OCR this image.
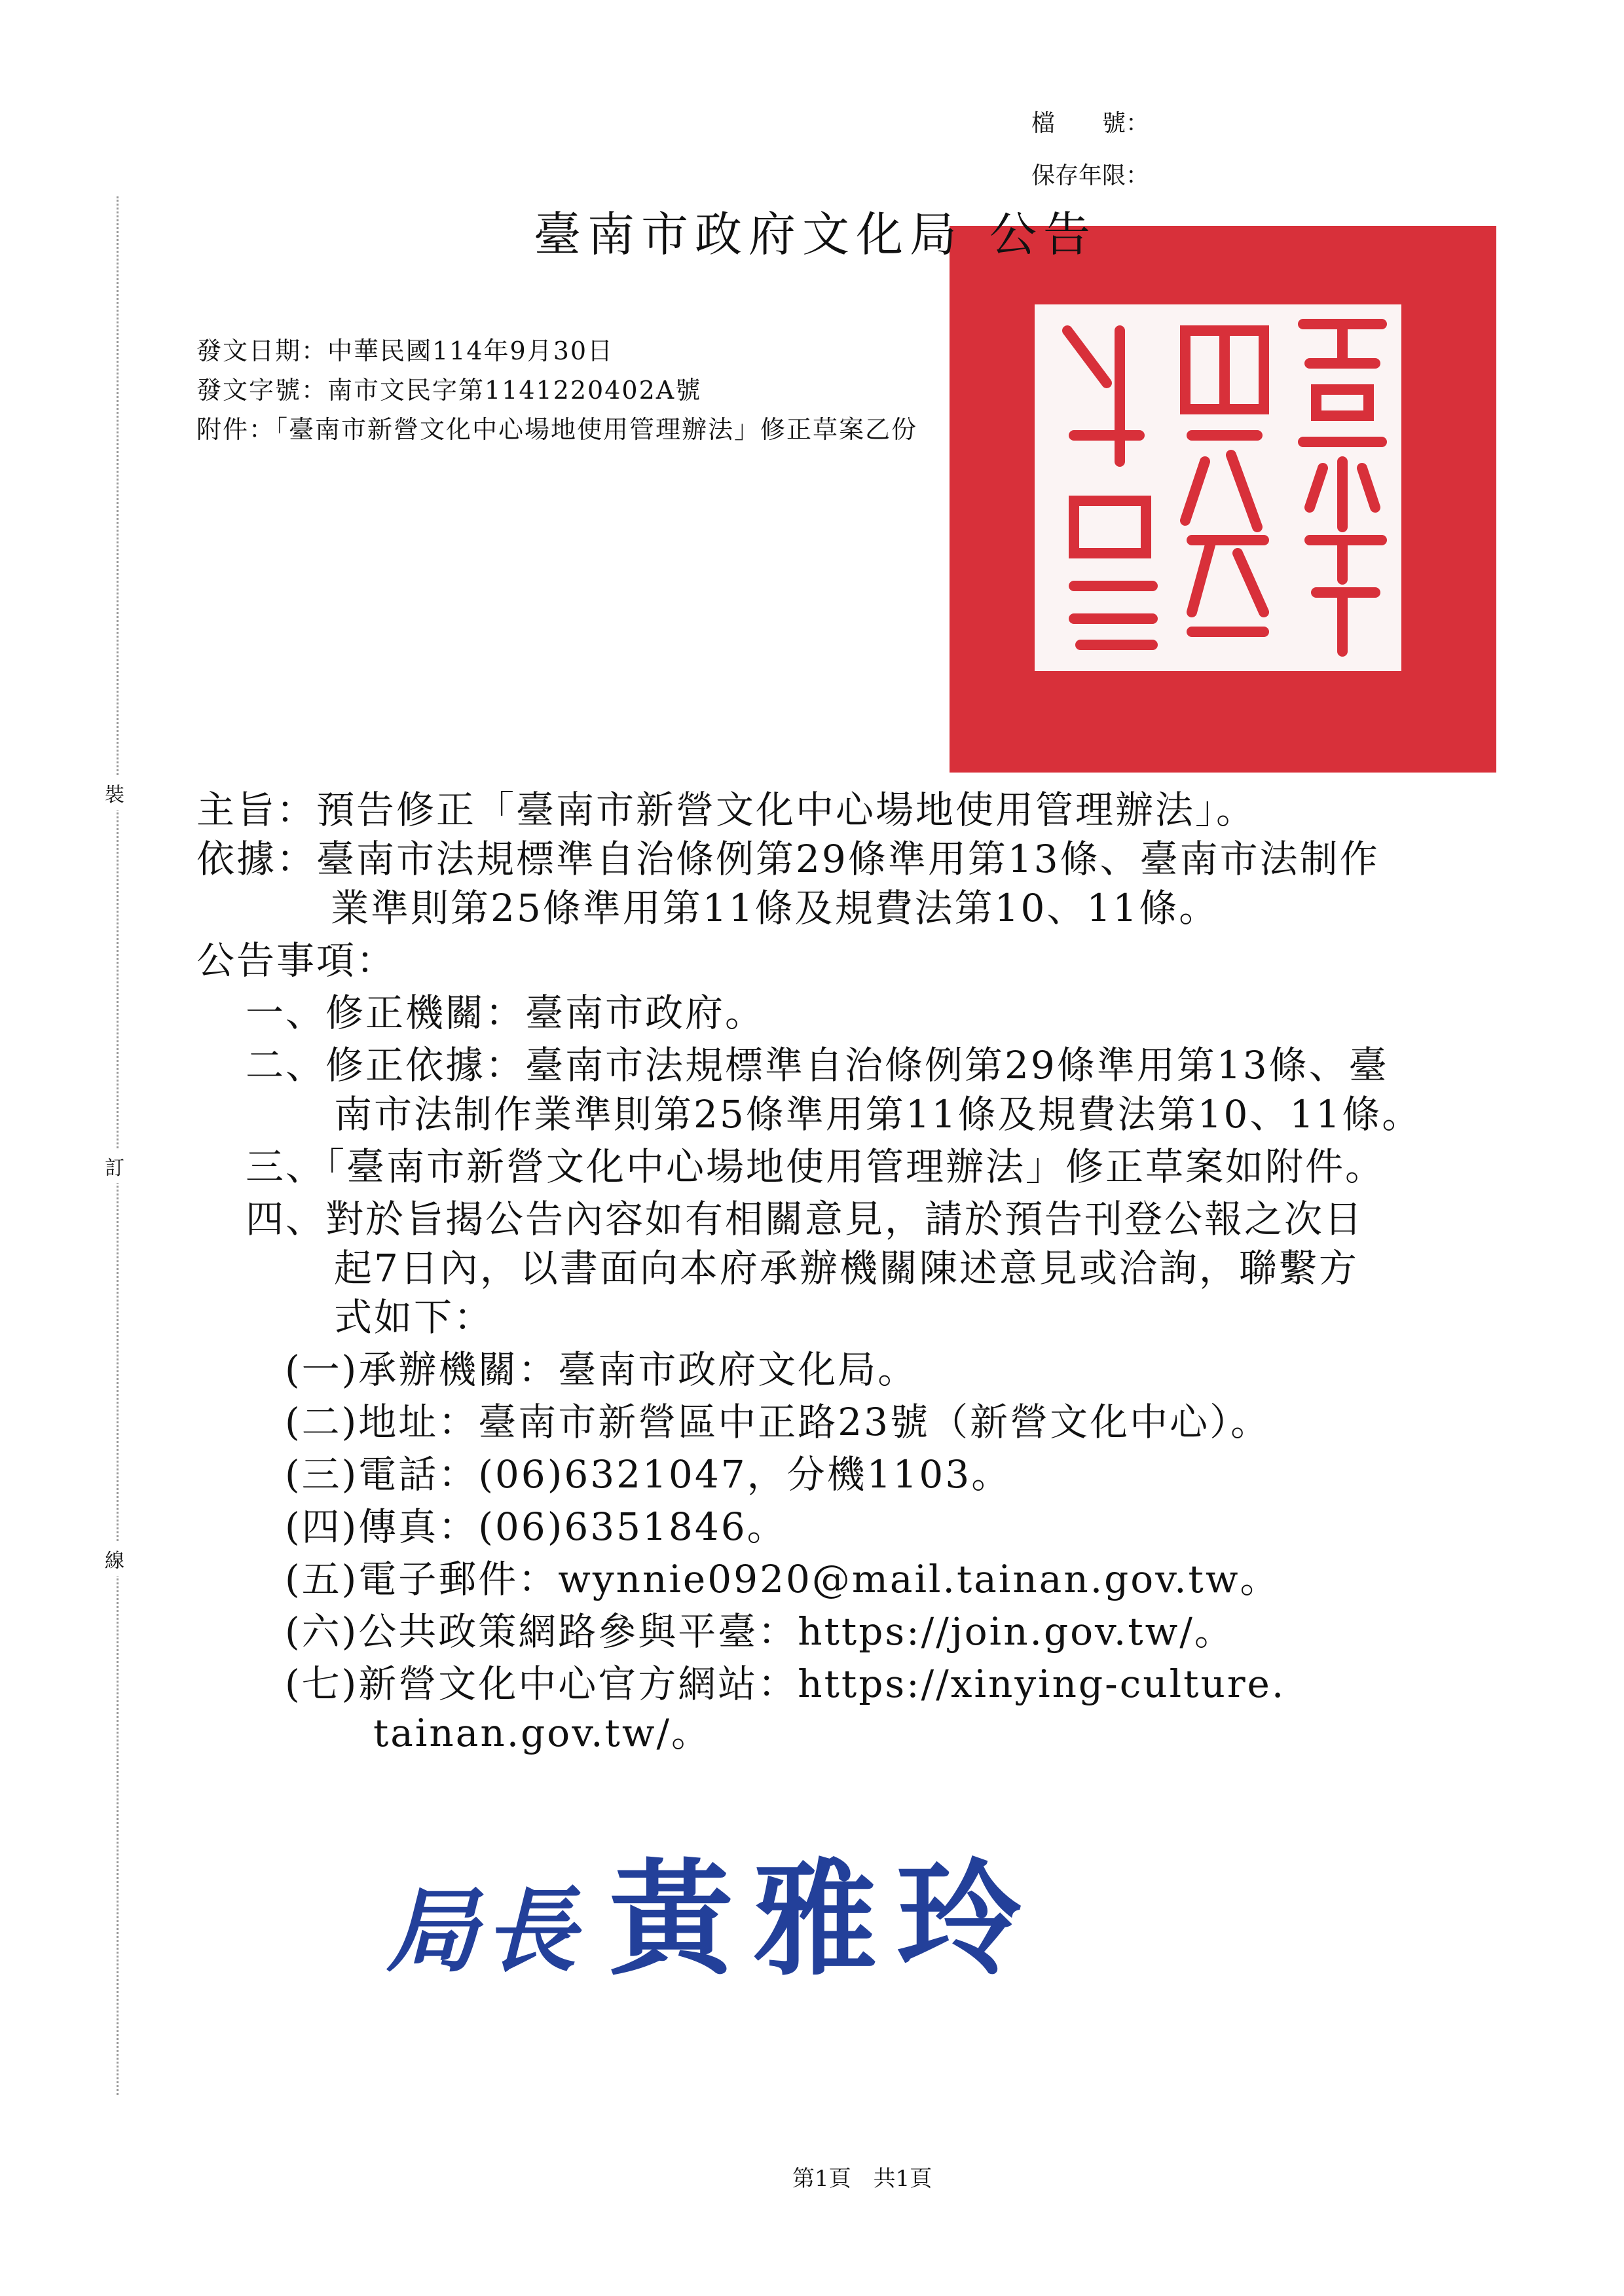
檔　　號：
保存年限：
裝
訂
線
臺南市政府文化局 公告
發文日期：中華民國114年9月30日
發文字號：南市文民字第1141220402A號
附件：「臺南市新營文化中心場地使用管理辦法」修正草案乙份
主旨：預告修正「臺南市新營文化中心場地使用管理辦法」。
依據：臺南市法規標準自治條例第29條準用第13條、臺南市法制作
業準則第25條準用第11條及規費法第10、11條。
公告事項：
一、修正機關：臺南市政府。
二、修正依據：臺南市法規標準自治條例第29條準用第13條、臺
南市法制作業準則第25條準用第11條及規費法第10、11條。
三、「臺南市新營文化中心場地使用管理辦法」修正草案如附件。
四、對於旨揭公告內容如有相關意見，請於預告刊登公報之次日
起7日內，以書面向本府承辦機關陳述意見或洽詢，聯繫方
式如下：
(一)承辦機關：臺南市政府文化局。
(二)地址：臺南市新營區中正路23號（新營文化中心）。
(三)電話：(06)6321047，分機1103。
(四)傳真：(06)6351846。
(五)電子郵件：wynnie0920@mail.tainan.gov.tw。
(六)公共政策網路參與平臺：https://join.gov.tw/。
(七)新營文化中心官方網站：https://xinying-culture.
tainan.gov.tw/。
局長 黃雅玲
第1頁　共1頁
